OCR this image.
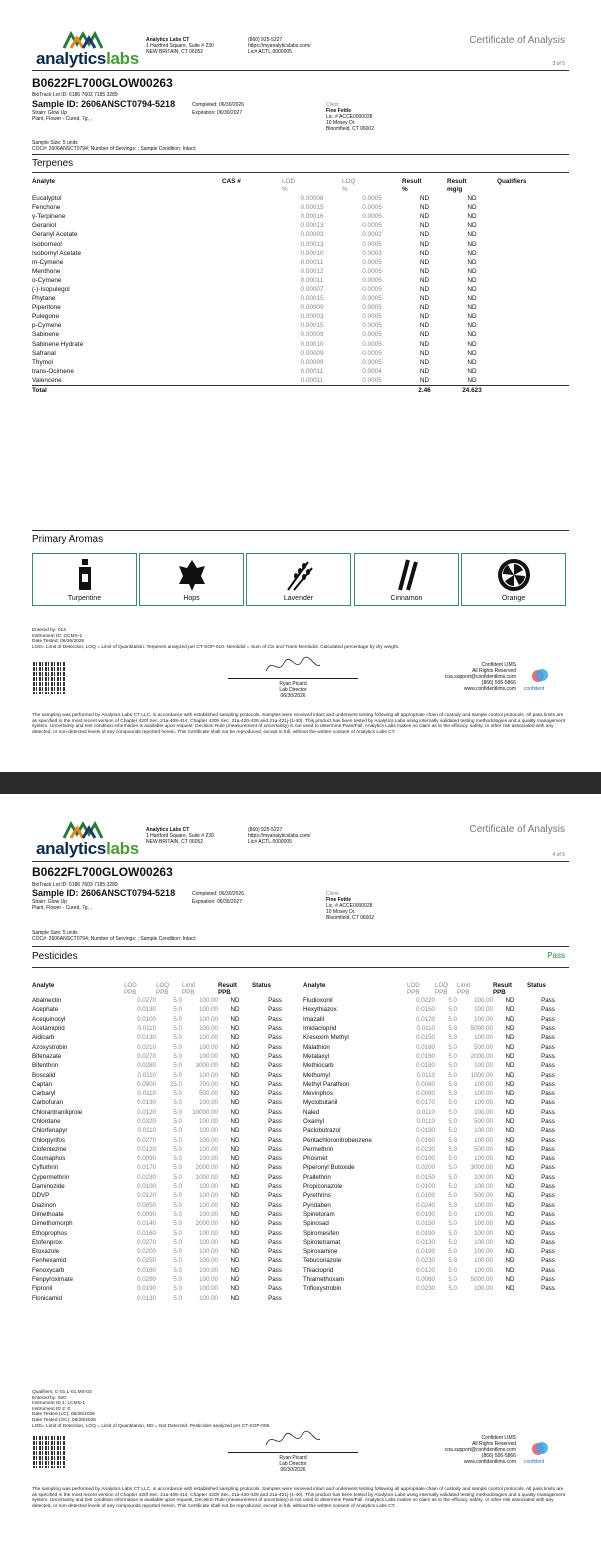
analyticslabs
Analytics Labs CT
1 Hartford Square, Suite # 230
NEW BRITAIN, CT 06052
(860) 925-5227
https://myanalyticslabs.com/
Lic# ACTL.0000005
Certificate of Analysis
3 of 5
B0622FL700GLOW00263
BioTrack Lot ID: 6186 7603 7185 3289
Sample ID: 2606ANSCT0794-5218
Strain: Glow Up
Plant, Flower - Cured, 7g, ,
Completed: 06/30/2026
Expiration: 06/30/2027
Client
Fine Fettle
Lic. # ACCE0000028
10 Mosey Dr.
Bloomfield, CT 06002
Sample Size: 5 units
COC#: 2606ANSCT0794; Number of Servings: ; Sample Condition: Intact;
Terpenes
Analyte	CAS #	LOD	LOQ	Result	Result	Qualifiers
		%	%	%	mg/g	
Eucalyptol		0.00008	0.0005	ND	ND	
Fenchone		0.00015	0.0005	ND	ND	
γ-Terpinene		0.00016	0.0005	ND	ND	
Geraniol		0.00013	0.0005	ND	ND	
Geranyl Acetate		0.00003	0.0002	ND	ND	
Isoborneol		0.00013	0.0005	ND	ND	
Isobornyl Acetate		0.00010	0.0003	ND	ND	
m-Cymene		0.00011	0.0005	ND	ND	
Menthone		0.00012	0.0005	ND	ND	
o-Cymene		0.00011	0.0005	ND	ND	
(-)-Isopulegol		0.00007	0.0005	ND	ND	
Phytane		0.00015	0.0005	ND	ND	
Piperitone		0.00009	0.0005	ND	ND	
Pulegone		0.00003	0.0005	ND	ND	
p-Cymene		0.00015	0.0005	ND	ND	
Sabinene		0.00009	0.0005	ND	ND	
Sabinene Hydrate		0.00010	0.0005	ND	ND	
Safranal		0.00009	0.0005	ND	ND	
Thymol		0.00009	0.0005	ND	ND	
trans-Ocimene		0.00011	0.0004	ND	ND	
Valencene		0.00011	0.0005	ND	ND	
Total				2.46	24.623	
Primary Aromas
Turpentine	Hops	Lavender	Cinnamon	Orange
Entered by: 013
Instrument ID: GCMS-1
Date Tested: 06/26/2026
LOD= Limit of Detection, LOQ = Limit of Quantitation. Terpenes analyzed per CT-SOP-010. Nerolidol = Sum of Cis and Trans-Nerolidol. Calculated percentage by dry weight.
Ryan Picard
Lab Director
06/30/2026
Confident LIMS
All Rights Reserved
coa.support@confidentlims.com
(866) 506-5866
www.confidentlims.com confident
The sampling was performed by Analytics Labs CT LLC, in accordance with established sampling protocols. Samples were received intact and underwent testing following all appropriate chain of custody and sample control protocols. All pass limits are as specified in the most recent version of Chapter 420f Sec. 21a-408-414, Chapter 420h Sec. 21a-420-429 and 21a-421j-(1-40). This product has been tested by Analytics Labs using internally validated testing methodologies and a quality management system. Uncertainty and test condition information is available upon request. Decision Rule (measurement of uncertainty) is not used to determine Pass/Fail. Analytics Labs makes no claim as to the efficacy, safety, or other risk associated with any detected, or non-detected levels of any compounds reported herein. This Certificate shall not be reproduced, except in full, without the written consent of Analytics Labs CT.
analyticslabs
Analytics Labs CT
1 Hartford Square, Suite # 230
NEW BRITAIN, CT 06052
(860) 925-5227
https://myanalyticslabs.com/
Lic# ACTL.0000005
Certificate of Analysis
4 of 5
B0622FL700GLOW00263
BioTrack Lot ID: 6186 7603 7185 3289
Sample ID: 2606ANSCT0794-5218
Strain: Glow Up
Plant, Flower - Cured, 7g, ,
Completed: 06/30/2026
Expiration: 06/30/2027
Client
Fine Fettle
Lic. # ACCE0000028
10 Mosey Dr.
Bloomfield, CT 06002
Sample Size: 5 units
COC#: 2606ANSCT0794; Number of Servings: ; Sample Condition: Intact;
Pesticides	Pass
Analyte	LOD	LOQ	Limit	Result	Status
	PPB	PPB	PPB	PPB	
Abamectin	0.0270	5.0	100.00	ND	Pass
Acephate	0.0130	5.0	100.00	ND	Pass
Acequinocyl	0.0100	5.0	100.00	ND	Pass
Acetamiprid	0.0110	5.0	100.00	ND	Pass
Aldicarb	0.0130	5.0	100.00	ND	Pass
Azoxystrobin	0.0210	5.0	100.00	ND	Pass
Bifenazate	0.0270	5.0	100.00	ND	Pass
Bifenthrin	0.0280	5.0	3000.00	ND	Pass
Boscalid	0.0110	5.0	100.00	ND	Pass
Captan	0.0900	25.0	700.00	ND	Pass
Carbaryl	0.0110	5.0	500.00	ND	Pass
Carbofuran	0.0130	5.0	100.00	ND	Pass
Chlorantraniliprole	0.0120	5.0	10000.00	ND	Pass
Chlordane	0.0320	5.0	100.00	ND	Pass
Chlorfenapyr	0.0110	5.0	100.00	ND	Pass
Chlorpyrifos	0.0270	5.0	100.00	ND	Pass
Clofentezine	0.0120	5.0	100.00	ND	Pass
Coumaphos	0.0090	5.0	100.00	ND	Pass
Cyfluthrin	0.0170	5.0	2000.00	ND	Pass
Cypermethrin	0.0230	5.0	1000.00	ND	Pass
Daminozide	0.0100	5.0	100.00	ND	Pass
DDVP	0.0120	5.0	100.00	ND	Pass
Diazinon	0.0050	5.0	100.00	ND	Pass
Dimethoate	0.0090	5.0	100.00	ND	Pass
Dimethomorph	0.0140	5.0	2000.00	ND	Pass
Ethoprophos	0.0160	5.0	100.00	ND	Pass
Etofenprox	0.0270	5.0	100.00	ND	Pass
Etoxazole	0.0200	5.0	100.00	ND	Pass
Fenhexamid	0.0250	5.0	100.00	ND	Pass
Fenoxycarb	0.0160	5.0	100.00	ND	Pass
Fenpyroximate	0.0290	5.0	100.00	ND	Pass
Fipronil	0.0190	5.0	100.00	ND	Pass
Flonicamid	0.0130	5.0	100.00	ND	Pass
Analyte	LOD	LOQ	Limit	Result	Status
	PPB	PPB	PPB	PPB	
Fludioxonil	0.0220	5.0	100.00	ND	Pass
Hexythiazox	0.0150	5.0	100.00	ND	Pass
Imazalil	0.0120	5.0	100.00	ND	Pass
Imidacloprid	0.0110	5.0	5000.00	ND	Pass
Kresoxim Methyl	0.0150	5.0	100.00	ND	Pass
Malathion	0.0180	5.0	500.00	ND	Pass
Metalaxyl	0.0160	5.0	2000.00	ND	Pass
Methiocarb	0.0180	5.0	100.00	ND	Pass
Methomyl	0.0110	5.0	1000.00	ND	Pass
Methyl Parathion	0.0080	5.0	100.00	ND	Pass
Mevinphos	0.0080	5.0	100.00	ND	Pass
Myclobutanil	0.0170	5.0	100.00	ND	Pass
Naled	0.0110	5.0	100.00	ND	Pass
Oxamyl	0.0110	5.0	500.00	ND	Pass
Paclobutrazol	0.0190	5.0	100.00	ND	Pass
Pentachloronitrobenzene	0.0160	5.0	100.00	ND	Pass
Permethrin	0.0230	5.0	500.00	ND	Pass
Phosmet	0.0100	5.0	100.00	ND	Pass
Piperonyl Butoxide	0.0200	5.0	3000.00	ND	Pass
Prallethrin	0.0150	5.0	100.00	ND	Pass
Propiconazole	0.0100	5.0	100.00	ND	Pass
Pyrethrins	0.0100	5.0	500.00	ND	Pass
Pyridaben	0.0240	5.0	100.00	ND	Pass
Spinetoram	0.0190	5.0	100.00	ND	Pass
Spinosad	0.0150	5.0	100.00	ND	Pass
Spiromesifen	0.0190	5.0	100.00	ND	Pass
Spirotetramat	0.0130	5.0	100.00	ND	Pass
Spiroxamine	0.0190	5.0	100.00	ND	Pass
Tebuconazole	0.0230	5.0	100.00	ND	Pass
Thiacloprid	0.0120	5.0	100.00	ND	Pass
Thiamethoxam	0.0080	5.0	5000.00	ND	Pass
Trifloxystrobin	0.0230	5.0	100.00	ND	Pass
Qualifiers: C-01,L-01,MS-03
Entered by: 020
Instrument ID 1: LCMS-1
Instrument ID 2: 0
Date Tested (LC): 06/26/2026
Date Tested (GC): 06/26/2026
LOD= Limit of Detection, LOQ = Limit of Quantitation, ND = Not Detected. Pesticides analyzed per CT-SOP-008.
Ryan Picard
Lab Director
06/30/2026
Confident LIMS
All Rights Reserved
coa.support@confidentlims.com
(866) 506-5866
www.confidentlims.com confident
The sampling was performed by Analytics Labs CT LLC, in accordance with established sampling protocols. Samples were received intact and underwent testing following all appropriate chain of custody and sample control protocols. All pass limits are as specified in the most recent version of Chapter 420f Sec. 21a-408-414, Chapter 420h Sec. 21a-420-429 and 21a-421j-(1-40). This product has been tested by Analytics Labs using internally validated testing methodologies and a quality management system. Uncertainty and test condition information is available upon request. Decision Rule (measurement of uncertainty) is not used to determine Pass/Fail. Analytics Labs makes no claim as to the efficacy, safety, or other risk associated with any detected, or non-detected levels of any compounds reported herein. This Certificate shall not be reproduced, except in full, without the written consent of Analytics Labs CT.
